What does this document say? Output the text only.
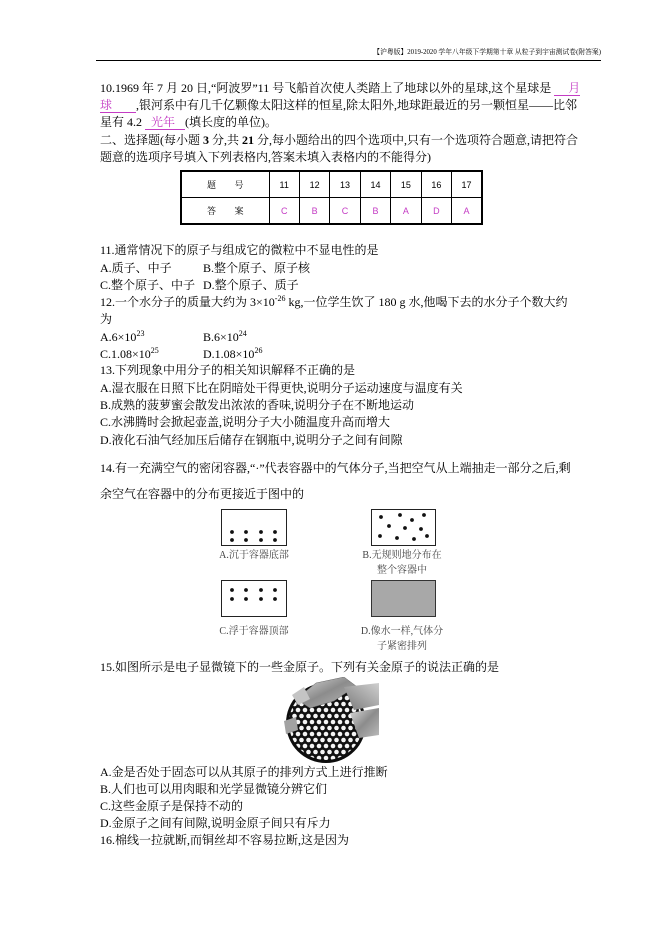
【沪粤版】2019-2020 学年八年级下学期第十章 从粒子到宇宙测试卷(附答案)
10.1969 年 7 月 20 日,“阿波罗”11 号飞船首次使人类踏上了地球以外的星球,这个星球是 月
球 ,银河系中有几千亿颗像太阳这样的恒星,除太阳外,地球距最近的另一颗恒星——比邻
星有 4.2 光年 (填长度的单位)。
二、选择题(每小题 3 分,共 21 分,每小题给出的四个选项中,只有一个选项符合题意,请把符合
题意的选项序号填入下列表格内,答案未填入表格内的不能得分)
题 号	11	12	13	14	15	16	17
答 案	C	B	C	B	A	D	A
11.通常情况下的原子与组成它的微粒中不显电性的是
A.质子、中子	B.整个原子、原子核
C.整个原子、中子 D.整个原子、质子
12.一个水分子的质量大约为 $3\times 10^{-26}$ kg,一位学生饮了 180 g 水,他喝下去的水分子个数大约
为
$A.6\times 10^{23}$	$B.6\times 10^{24}$
$C.1.08\times 10^{25}$	$D.1.08\times 10^{26}$
13.下列现象中用分子的相关知识解释不正确的是
A.湿衣服在日照下比在阴暗处干得更快,说明分子运动速度与温度有关
B.成熟的菠萝蜜会散发出浓浓的香味,说明分子在不断地运动
C.水沸腾时会掀起壶盖,说明分子大小随温度升高而增大
D.液化石油气经加压后储存在钢瓶中,说明分子之间有间隙
14.有一充满空气的密闭容器,“·”代表容器中的气体分子,当把空气从上端抽走一部分之后,剩
余空气在容器中的分布更接近于图中的
A.沉于容器底部	B.无规则地分布在
整个容器中
C.浮于容器顶部	D.像水一样,气体分
子紧密排列
15.如图所示是电子显微镜下的一些金原子。下列有关金原子的说法正确的是
A.金是否处于固态可以从其原子的排列方式上进行推断
B.人们也可以用肉眼和光学显微镜分辨它们
C.这些金原子是保持不动的
D.金原子之间有间隙,说明金原子间只有斥力
16.棉线一拉就断,而铜丝却不容易拉断,这是因为
